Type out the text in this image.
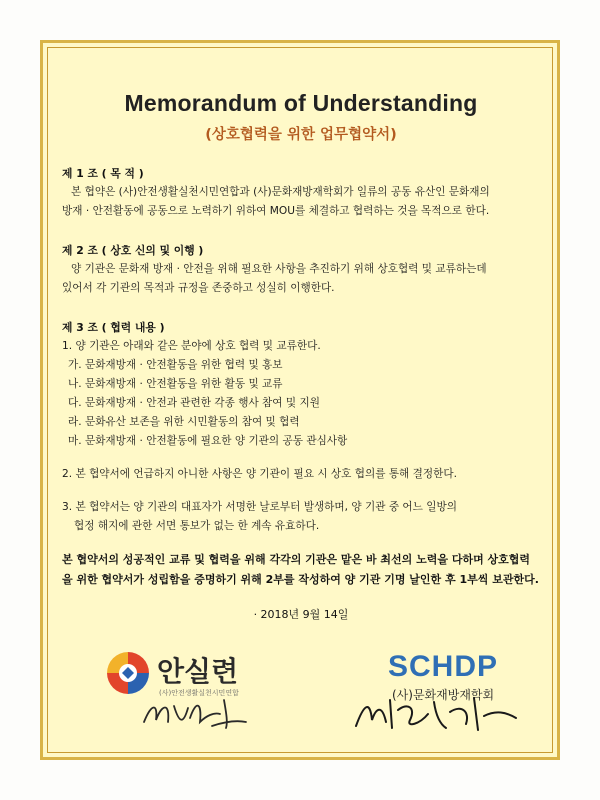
Memorandum of Understanding
(상호협력을 위한 업무협약서)
제 1 조 ( 목 적 )

본 협약은 (사)안전생활실천시민연합과 (사)문화재방재학회가 일류의 공동 유산인 문화재의

방재 · 안전활동에 공동으로 노력하기 위하여 MOU를 체결하고 협력하는 것을 목적으로 한다.

제 2 조 ( 상호 신의 및 이행 )

양 기관은 문화재 방재 · 안전을 위해 필요한 사항을 추진하기 위해 상호협력 및 교류하는데

있어서 각 기관의 목적과 규정을 존중하고 성실히 이행한다.

제 3 조 ( 협력 내용 )

1. 양 기관은 아래와 같은 분야에 상호 협력 및 교류한다.

가. 문화재방재 · 안전활동을 위한 협력 및 홍보
나. 문화재방재 · 안전활동을 위한 활동 및 교류
다. 문화재방재 · 안전과 관련한 각종 행사 참여 및 지원
라. 문화유산 보존을 위한 시민활동의 참여 및 협력
마. 문화재방재 · 안전활동에 필요한 양 기관의 공동 관심사항

2. 본 협약서에 언급하지 아니한 사항은 양 기관이 필요 시 상호 협의를 통해 결정한다.

3. 본 협약서는 양 기관의 대표자가 서명한 날로부터 발생하며, 양 기관 중 어느 일방의

협정 해지에 관한 서면 통보가 없는 한 계속 유효하다.

본 협약서의 성공적인 교류 및 협력을 위해 각각의 기관은 맡은 바 최선의 노력을 다하며 상호협력을 위한 협약서가 성립함을 증명하기 위해 2부를 작성하여 양 기관 기명 날인한 후 1부씩 보관한다.
· 2018년 9월 14일
안실련
(사)안전생활실천시민연합
SCHDP
(사)문화재방재학회
